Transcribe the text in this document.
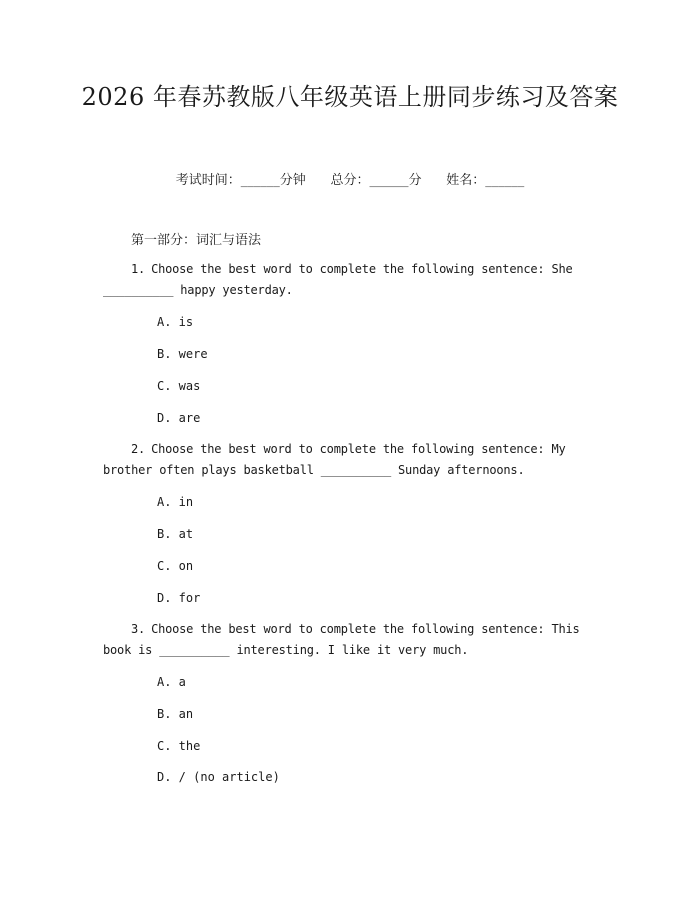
2026 年春苏教版八年级英语上册同步练习及答案
考试时间：______分钟      总分：______分      姓名：______
第一部分：词汇与语法
1. Choose the best word to complete the following sentence: She __________ happy yesterday.
A. is
B. were
C. was
D. are
2. Choose the best word to complete the following sentence: My brother often plays basketball __________ Sunday afternoons.
A. in
B. at
C. on
D. for
3. Choose the best word to complete the following sentence: This book is __________ interesting. I like it very much.
A. a
B. an
C. the
D. / (no article)
